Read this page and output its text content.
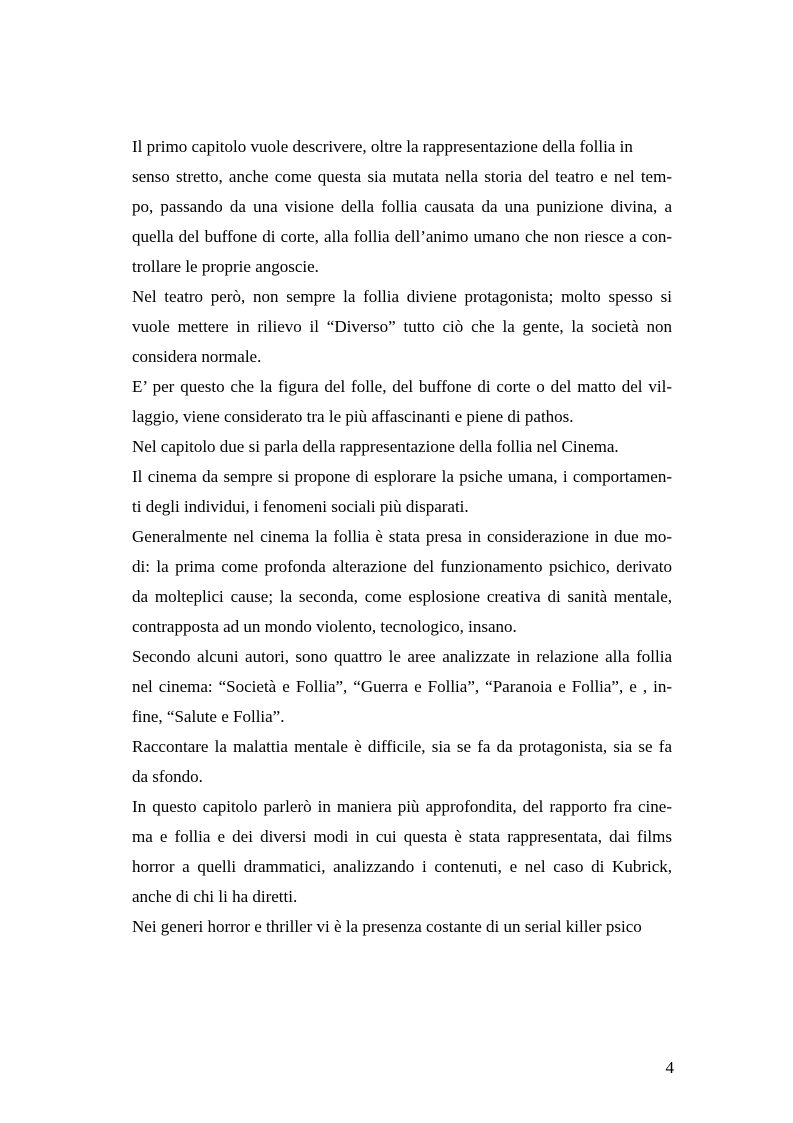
Il primo capitolo vuole descrivere, oltre la rappresentazione della follia in

senso stretto, anche come questa sia mutata nella storia del teatro e nel tem-

po, passando da una visione della follia causata da una punizione divina, a

quella del buffone di corte, alla follia dell’animo umano che non riesce a con-

trollare le proprie angoscie.

Nel teatro però, non sempre la follia diviene protagonista; molto spesso si

vuole mettere in rilievo il “Diverso” tutto ciò che la gente, la società non

considera normale.

E’ per questo che la figura del folle, del buffone di corte o del matto del vil-

laggio, viene considerato tra le più affascinanti e piene di pathos.

Nel capitolo due si parla della rappresentazione della follia nel Cinema.

Il cinema da sempre si propone di esplorare la psiche umana, i comportamen-

ti degli individui, i fenomeni sociali più disparati.

Generalmente nel cinema la follia è stata presa in considerazione in due mo-

di: la prima come profonda alterazione del funzionamento psichico, derivato

da molteplici cause; la seconda, come esplosione creativa di sanità mentale,

contrapposta ad un mondo violento, tecnologico, insano.

Secondo alcuni autori, sono quattro le aree analizzate in relazione alla follia

nel cinema: “Società e Follia”, “Guerra e Follia”, “Paranoia e Follia”, e , in-

fine, “Salute e Follia”.

Raccontare la malattia mentale è difficile, sia se fa da protagonista, sia se fa

da sfondo.

In questo capitolo parlerò in maniera più approfondita, del rapporto fra cine-

ma e follia e dei diversi modi in cui questa è stata rappresentata, dai films

horror a quelli drammatici, analizzando i contenuti, e nel caso di Kubrick,

anche di chi li ha diretti.

Nei generi horror e thriller vi è la presenza costante di un serial killer psico

4
